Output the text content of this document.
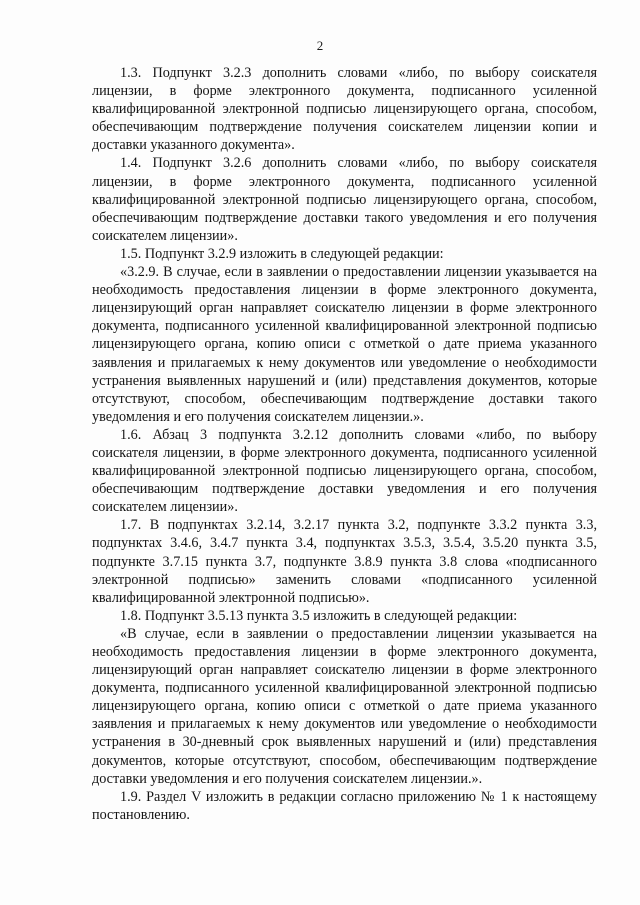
2

1.3. Подпункт 3.2.3 дополнить словами «либо, по выбору соискателя лицензии, в форме электронного документа, подписанного усиленной квалифицированной электронной подписью лицензирующего органа, способом, обеспечивающим подтверждение получения соискателем лицензии копии и доставки указанного документа».

1.4. Подпункт 3.2.6 дополнить словами «либо, по выбору соискателя лицензии, в форме электронного документа, подписанного усиленной квалифицированной электронной подписью лицензирующего органа, способом, обеспечивающим подтверждение доставки такого уведомления и его получения соискателем лицензии».

1.5. Подпункт 3.2.9 изложить в следующей редакции:

«3.2.9. В случае, если в заявлении о предоставлении лицензии указывается на необходимость предоставления лицензии в форме электронного документа, лицензирующий орган направляет соискателю лицензии в форме электронного документа, подписанного усиленной квалифицированной электронной подписью лицензирующего органа, копию описи с отметкой о дате приема указанного заявления и прилагаемых к нему документов или уведомление о необходимости устранения выявленных нарушений и (или) представления документов, которые отсутствуют, способом, обеспечивающим подтверждение доставки такого уведомления и его получения соискателем лицензии.».

1.6. Абзац 3 подпункта 3.2.12 дополнить словами «либо, по выбору соискателя лицензии, в форме электронного документа, подписанного усиленной квалифицированной электронной подписью лицензирующего органа, способом, обеспечивающим подтверждение доставки уведомления и его получения соискателем лицензии».

1.7. В подпунктах 3.2.14, 3.2.17 пункта 3.2, подпункте 3.3.2 пункта 3.3, подпунктах 3.4.6, 3.4.7 пункта 3.4, подпунктах 3.5.3, 3.5.4, 3.5.20 пункта 3.5, подпункте 3.7.15 пункта 3.7, подпункте 3.8.9 пункта 3.8 слова «подписанного электронной подписью» заменить словами «подписанного усиленной квалифицированной электронной подписью».

1.8. Подпункт 3.5.13 пункта 3.5 изложить в следующей редакции:

«В случае, если в заявлении о предоставлении лицензии указывается на необходимость предоставления лицензии в форме электронного документа, лицензирующий орган направляет соискателю лицензии в форме электронного документа, подписанного усиленной квалифицированной электронной подписью лицензирующего органа, копию описи с отметкой о дате приема указанного заявления и прилагаемых к нему документов или уведомление о необходимости устранения в 30-дневный срок выявленных нарушений и (или) представления документов, которые отсутствуют, способом, обеспечивающим подтверждение доставки уведомления и его получения соискателем лицензии.».

1.9. Раздел V изложить в редакции согласно приложению № 1 к настоящему постановлению.
